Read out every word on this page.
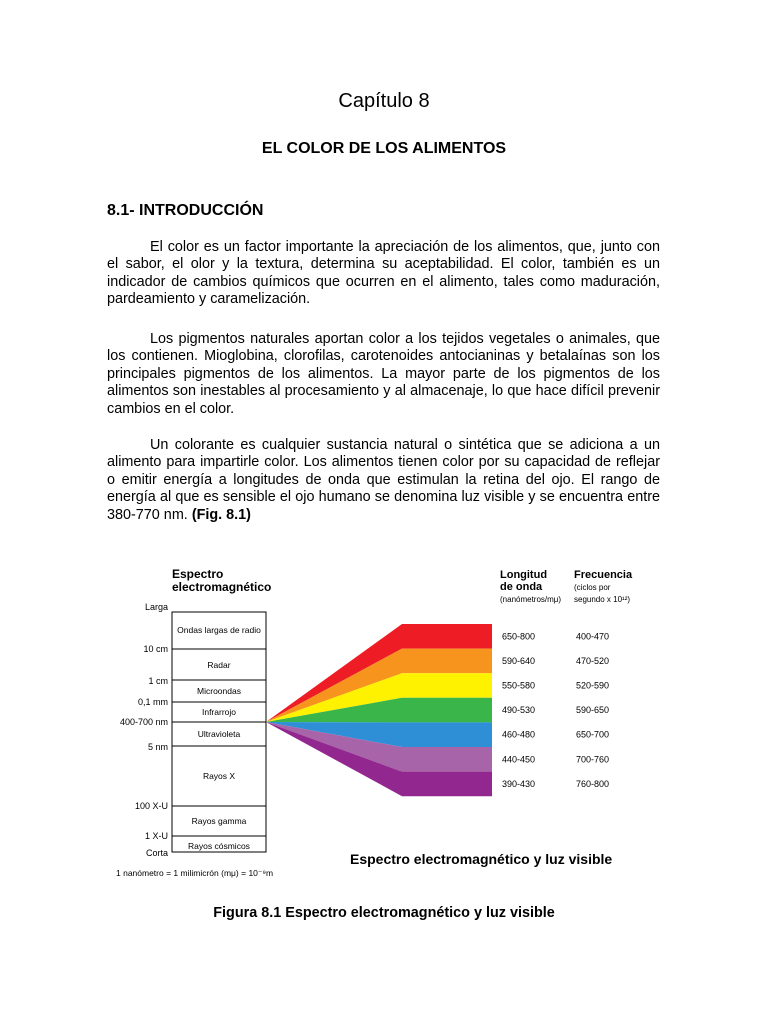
Capítulo 8
EL COLOR DE LOS ALIMENTOS
8.1- INTRODUCCIÓN

El color es un factor importante la apreciación de los alimentos, que, junto con el sabor, el olor y la textura, determina su aceptabilidad. El color, también es un indicador de cambios químicos que ocurren en el alimento, tales como maduración, pardeamiento y caramelización.

Los pigmentos naturales aportan color a los tejidos vegetales o animales, que los contienen. Mioglobina, clorofilas, carotenoides antocianinas y betalaínas son los principales pigmentos de los alimentos. La mayor parte de los pigmentos de los alimentos son inestables al procesamiento y al almacenaje, lo que hace difícil prevenir cambios en el color.

Un colorante es cualquier sustancia natural o sintética que se adiciona a un alimento para impartirle color. Los alimentos tienen color por su capacidad de reflejar o emitir energía a longitudes de onda que estimulan la retina del ojo. El rango de energía al que es sensible el ojo humano se denomina luz visible y se encuentra entre 380-770 nm. (Fig. 8.1)

Espectro
electromagnético
Larga
10 cm
1 cm
0,1 mm
400-700 nm
5 nm
100 X-U
1 X-U
Corta
Ondas largas de radio
Radar
Microondas
Infrarrojo
Ultravioleta
Rayos X
Rayos gamma
Rayos cósmicos
1 nanómetro = 1 milimicrón (mμ) = 10⁻⁹m
Longitud
de onda
(nanómetros/mμ)
Frecuencia
(ciclos por
segundo x 10¹²)
650-800	400-470
590-640	470-520
550-580	520-590
490-530	590-650
460-480	650-700
440-450	700-760
390-430	760-800
Espectro electromagnético y luz visible
Figura 8.1 Espectro electromagnético y luz visible
